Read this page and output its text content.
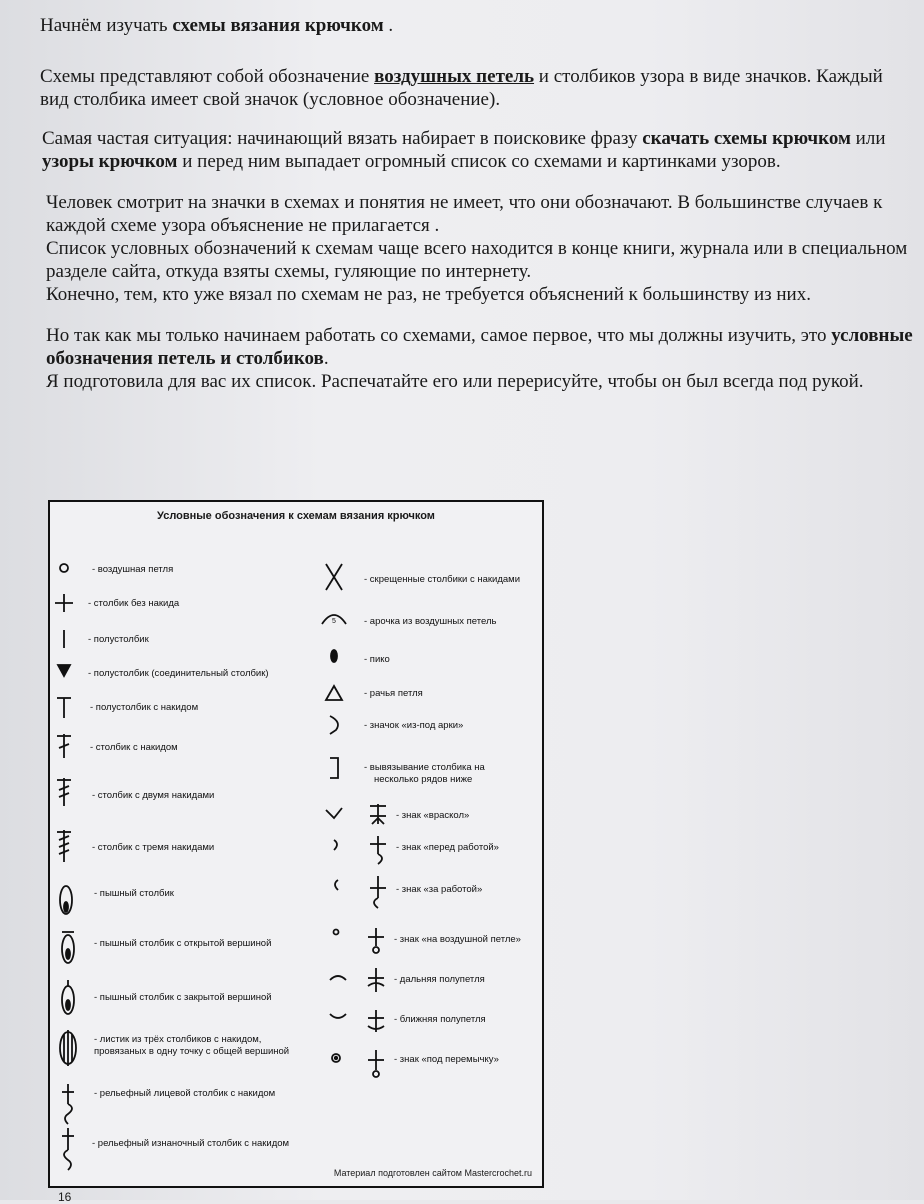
Начнём изучать схемы вязания крючком .

Схемы представляют собой обозначение воздушных петель и столбиков узора в виде значков. Каждый вид столбика имеет свой значок (условное обозначение).

Самая частая ситуация: начинающий вязать набирает в поисковике фразу скачать схемы крючком или узоры крючком и перед ним выпадает огромный список со схемами и картинками узоров.

Человек смотрит на значки в схемах и понятия не имеет, что они обозначают. В большинстве случаев к каждой схеме узора объяснение не прилагается .

Список условных обозначений к схемам чаще всего находится в конце книги, журнала или в специальном разделе сайта, откуда взяты схемы, гуляющие по интернету.

Конечно, тем, кто уже вязал по схемам не раз, не требуется объяснений к большинству из них.

Но так как мы только начинаем работать со схемами, самое первое, что мы должны изучить, это условные обозначения петель и столбиков.

Я подготовила для вас их список. Распечатайте его или перерисуйте, чтобы он был всегда под рукой.

Условные обозначения к схемам вязания крючком
5
- воздушная петля
- столбик без накида
- полустолбик
- полустолбик (соединительный столбик)
- полустолбик с накидом
- столбик с накидом
- столбик с двумя накидами
- столбик с тремя накидами
- пышный столбик
- пышный столбик с открытой вершиной
- пышный столбик с закрытой вершиной
- листик из трёх столбиков с накидом,
провязаных в одну точку с общей вершиной
- рельефный лицевой столбик с накидом
- рельефный изнаночный столбик с накидом
- скрещенные столбики с накидами
- арочка из воздушных петель
- пико
- рачья петля
- значок «из-под арки»
- вывязывание столбика на
несколько рядов ниже
- знак «враскол»
- знак «перед работой»
- знак «за работой»
- знак «на воздушной петле»
- дальняя полупетля
- ближняя полупетля
- знак «под перемычку»
Материал подготовлен сайтом Mastercrochet.ru
16
